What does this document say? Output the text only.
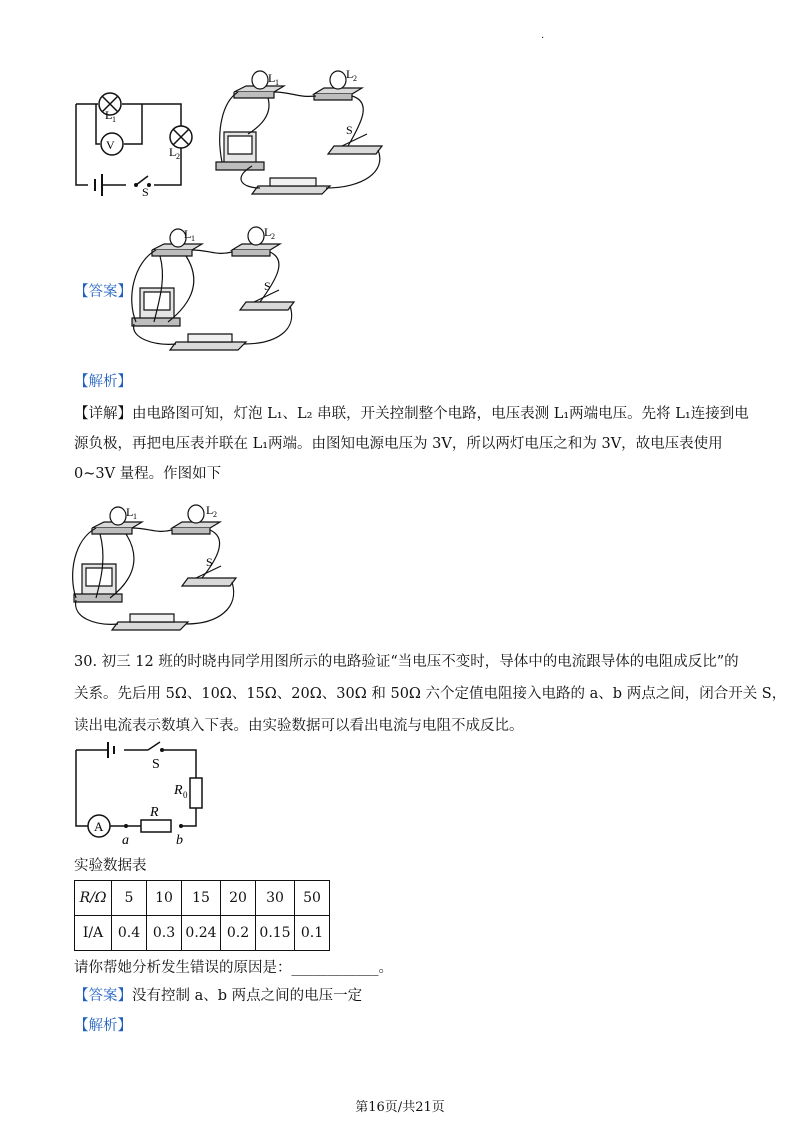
.
L 1
L 2
V
S
L 1
L 2
S
【答案】
L 1	L 2
S
【解析】
【详解】由电路图可知，灯泡 L₁、L₂ 串联，开关控制整个电路，电压表测 L₁两端电压。先将 L₁连接到电
源负极，再把电压表并联在 L₁两端。由图知电源电压为 3V，所以两灯电压之和为 3V，故电压表使用
0~3V 量程。作图如下
L 1	L 2
S
30. 初三 12 班的时晓冉同学用图所示的电路验证“当电压不变时，导体中的电流跟导体的电阻成反比”的
关系。先后用 5Ω、10Ω、15Ω、20Ω、30Ω 和 50Ω 六个定值电阻接入电路的 a、b 两点之间，闭合开关 S，
读出电流表示数填入下表。由实验数据可以看出电流与电阻不成反比。
S
R 0
R
A
a	b
实验数据表
R/Ω	5	10	15	20	30	50
I/A	0.4	0.3	0.24	0.2	0.15	0.1
请你帮她分析发生错误的原因是：____________。
【答案】没有控制 a、b 两点之间的电压一定
【解析】
第16页/共21页
